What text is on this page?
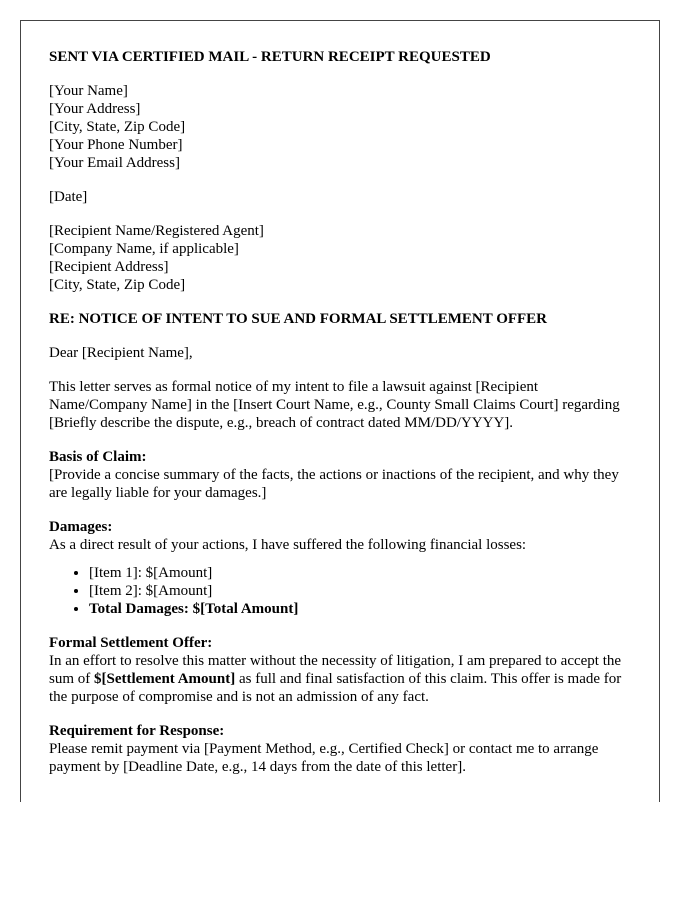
SENT VIA CERTIFIED MAIL - RETURN RECEIPT REQUESTED

[Your Name]
[Your Address]
[City, State, Zip Code]
[Your Phone Number]
[Your Email Address]

[Date]

[Recipient Name/Registered Agent]
[Company Name, if applicable]
[Recipient Address]
[City, State, Zip Code]

RE: NOTICE OF INTENT TO SUE AND FORMAL SETTLEMENT OFFER

Dear [Recipient Name],

This letter serves as formal notice of my intent to file a lawsuit against [Recipient Name/Company Name] in the [Insert Court Name, e.g., County Small Claims Court] regarding [Briefly describe the dispute, e.g., breach of contract dated MM/DD/YYYY].

Basis of Claim:
[Provide a concise summary of the facts, the actions or inactions of the recipient, and why they are legally liable for your damages.]

Damages:
As a direct result of your actions, I have suffered the following financial losses:

• [Item 1]: $[Amount]
• [Item 2]: $[Amount]
• Total Damages: $[Total Amount]

Formal Settlement Offer:
In an effort to resolve this matter without the necessity of litigation, I am prepared to accept the sum of $[Settlement Amount] as full and final satisfaction of this claim. This offer is made for the purpose of compromise and is not an admission of any fact.

Requirement for Response:
Please remit payment via [Payment Method, e.g., Certified Check] or contact me to arrange payment by [Deadline Date, e.g., 14 days from the date of this letter].
